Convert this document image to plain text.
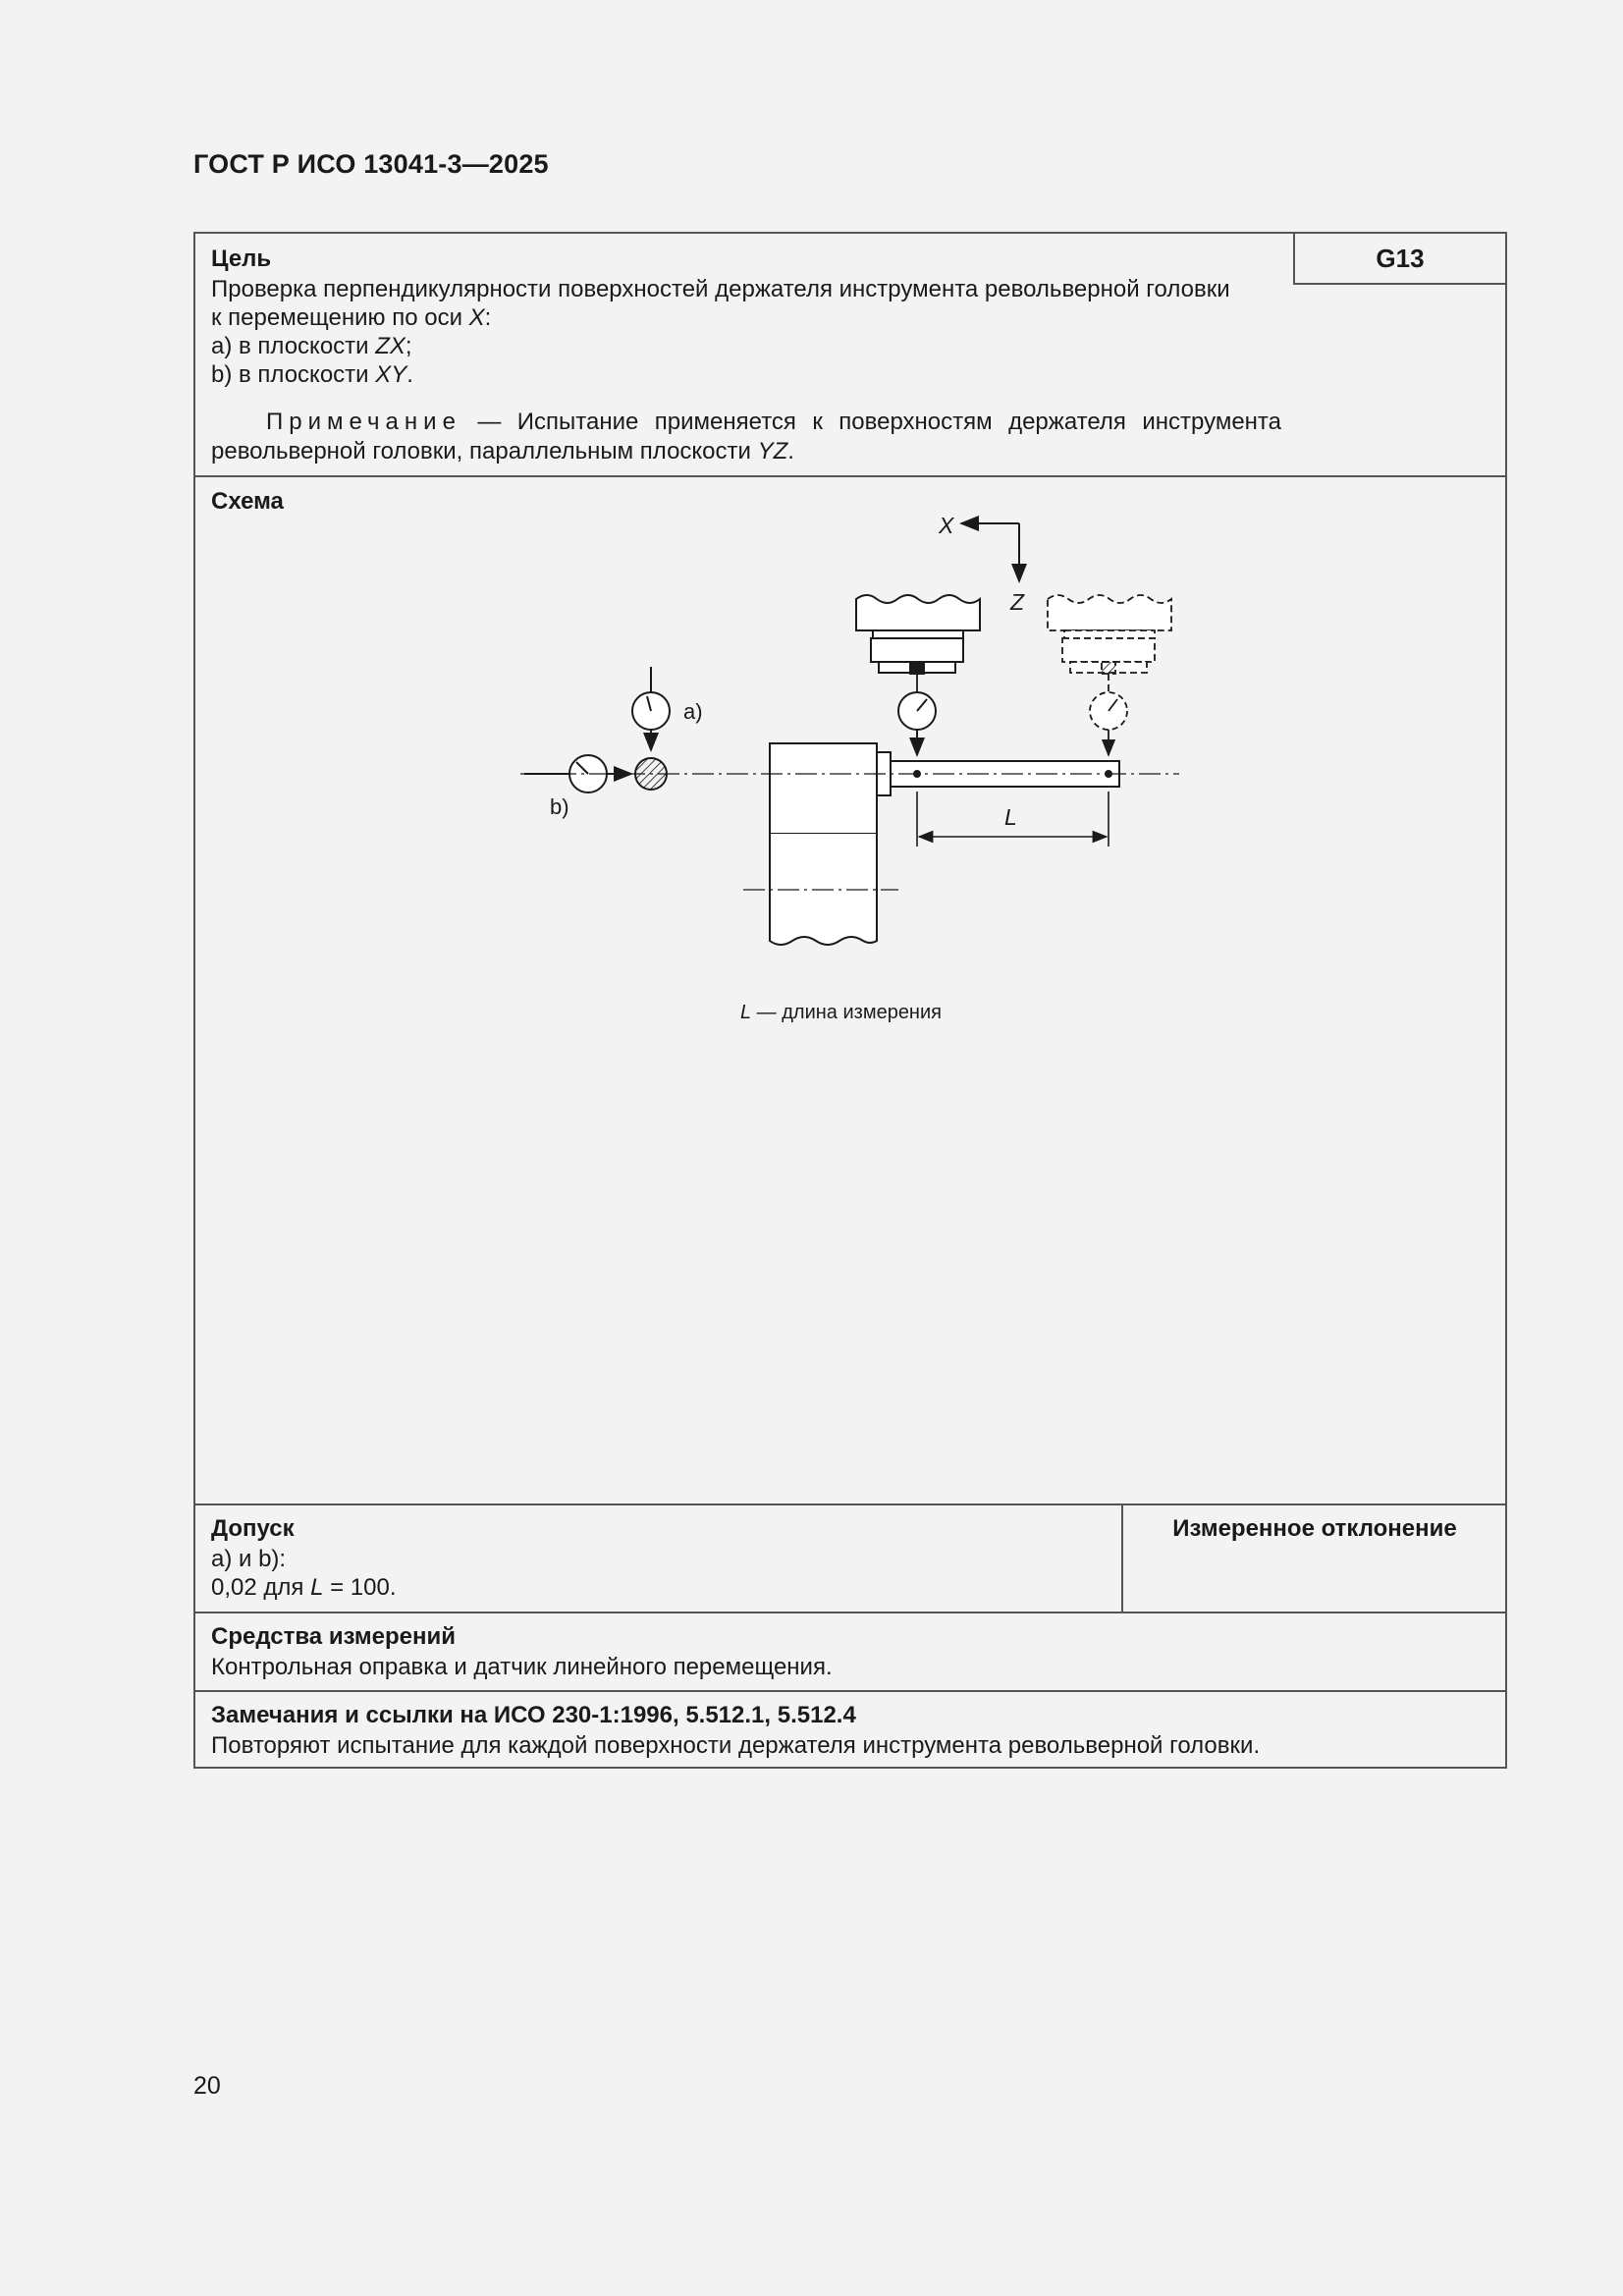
ГОСТ Р ИСО 13041-3—2025
G13
Цель
Проверка перпендикулярности поверхностей держателя инструмента револьверной головки
к перемещению по оси X:
a) в плоскости ZX;
b) в плоскости XY.
Примечание — Испытание применяется к поверхностям держателя инструмента
револьверной головки, параллельным плоскости YZ.
Схема
X
Z
a)
b)	L
L — длина измерения
Допуск
a) и b):
0,02 для L = 100.
Измеренное отклонение
Средства измерений
Контрольная оправка и датчик линейного перемещения.
Замечания и ссылки на ИСО 230-1:1996, 5.512.1, 5.512.4
Повторяют испытание для каждой поверхности держателя инструмента револьверной головки.
20
